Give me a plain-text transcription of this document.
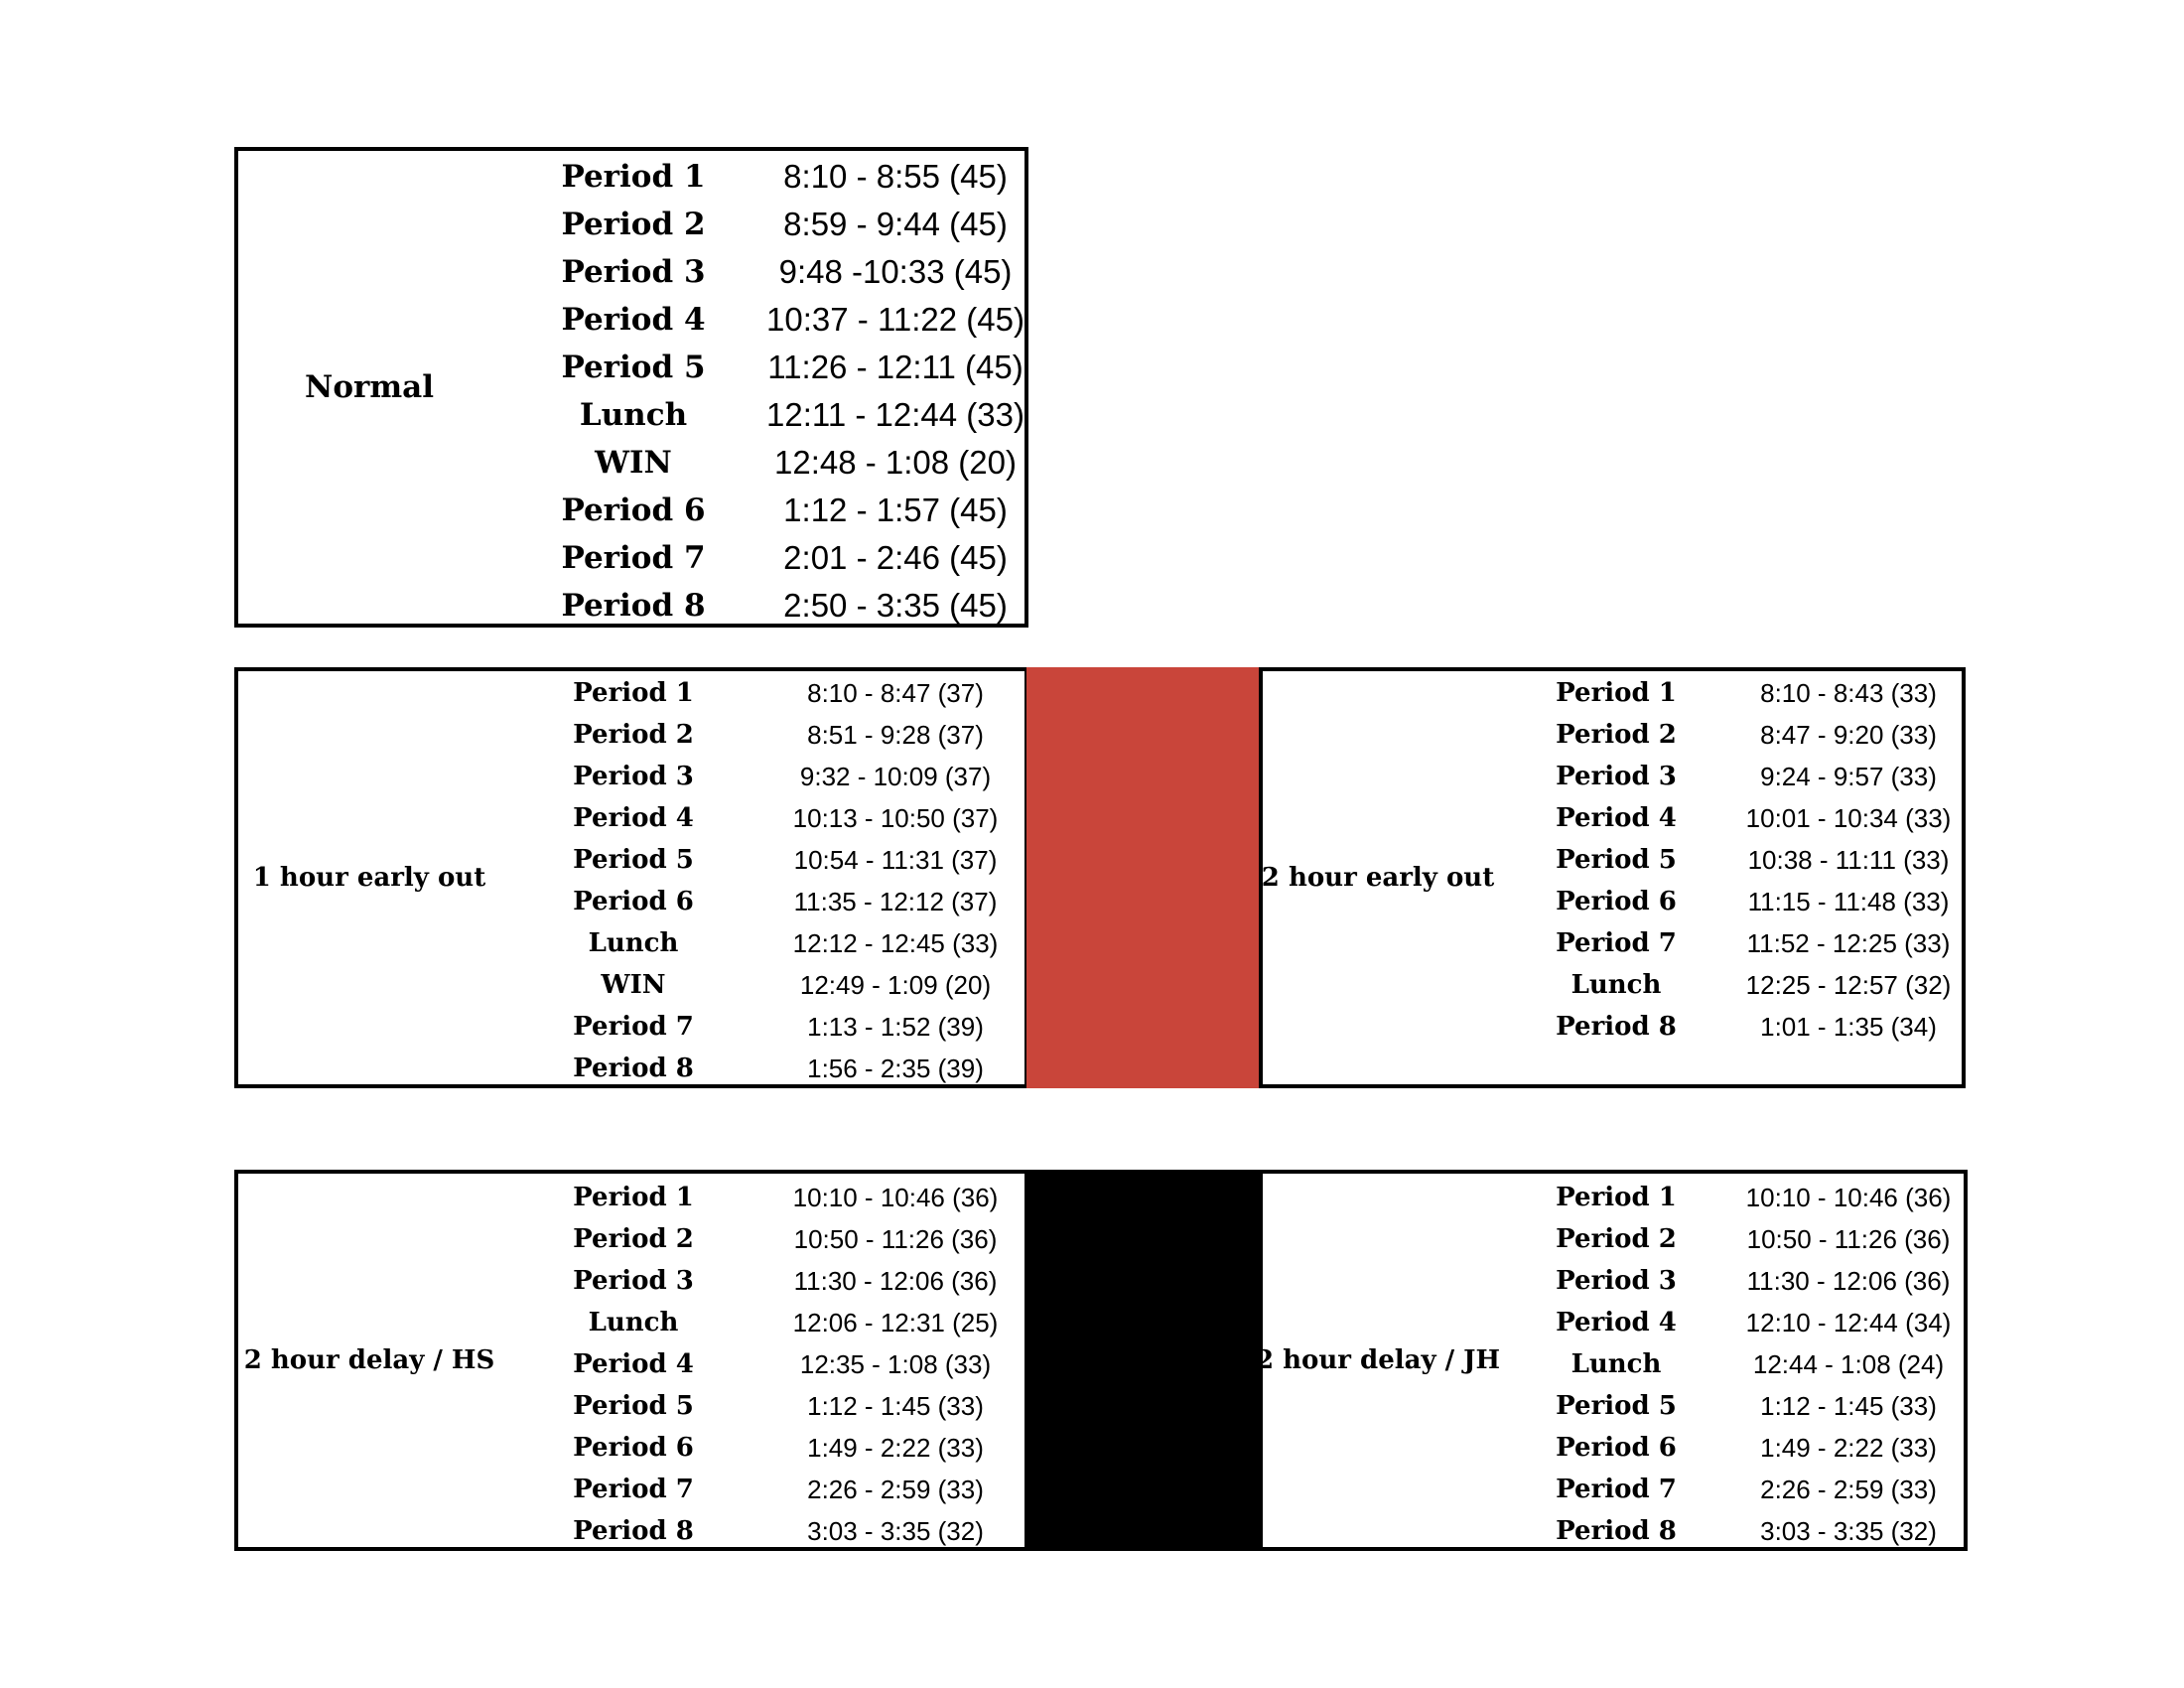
Normal
Period 1 8:10 - 8:55 (45)
Period 2 8:59 - 9:44 (45)
Period 3 9:48 -10:33 (45)
Period 4 10:37 - 11:22 (45)
Period 5 11:26 - 12:11 (45)
Lunch 12:11 - 12:44 (33)
WIN	12:48 - 1:08 (20)
Period 6 1:12 - 1:57 (45)
Period 7 2:01 - 2:46 (45)
Period 8 2:50 - 3:35 (45)
1 hour early out
Period 1	8:10 - 8:47 (37)
Period 2	8:51 - 9:28 (37)
Period 3	9:32 - 10:09 (37)
Period 4	10:13 - 10:50 (37)
Period 5	10:54 - 11:31 (37)
Period 6	11:35 - 12:12 (37)
Lunch	12:12 - 12:45 (33)
WIN	12:49 - 1:09 (20)
Period 7	1:13 - 1:52 (39)
Period 8	1:56 - 2:35 (39)
2 hour early out
Period 1	8:10 - 8:43 (33)
Period 2	8:47 - 9:20 (33)
Period 3	9:24 - 9:57 (33)
Period 4	10:01 - 10:34 (33)
Period 5	10:38 - 11:11 (33)
Period 6	11:15 - 11:48 (33)
Period 7	11:52 - 12:25 (33)
Lunch	12:25 - 12:57 (32)
Period 8	1:01 - 1:35 (34)
2 hour delay / HS
Period 1	10:10 - 10:46 (36)
Period 2	10:50 - 11:26 (36)
Period 3	11:30 - 12:06 (36)
Lunch	12:06 - 12:31 (25)
Period 4	12:35 - 1:08 (33)
Period 5	1:12 - 1:45 (33)
Period 6	1:49 - 2:22 (33)
Period 7	2:26 - 2:59 (33)
Period 8	3:03 - 3:35 (32)
2 hour delay / JH
Period 1	10:10 - 10:46 (36)
Period 2	10:50 - 11:26 (36)
Period 3	11:30 - 12:06 (36)
Period 4	12:10 - 12:44 (34)
Lunch	12:44 - 1:08 (24)
Period 5	1:12 - 1:45 (33)
Period 6	1:49 - 2:22 (33)
Period 7	2:26 - 2:59 (33)
Period 8	3:03 - 3:35 (32)
